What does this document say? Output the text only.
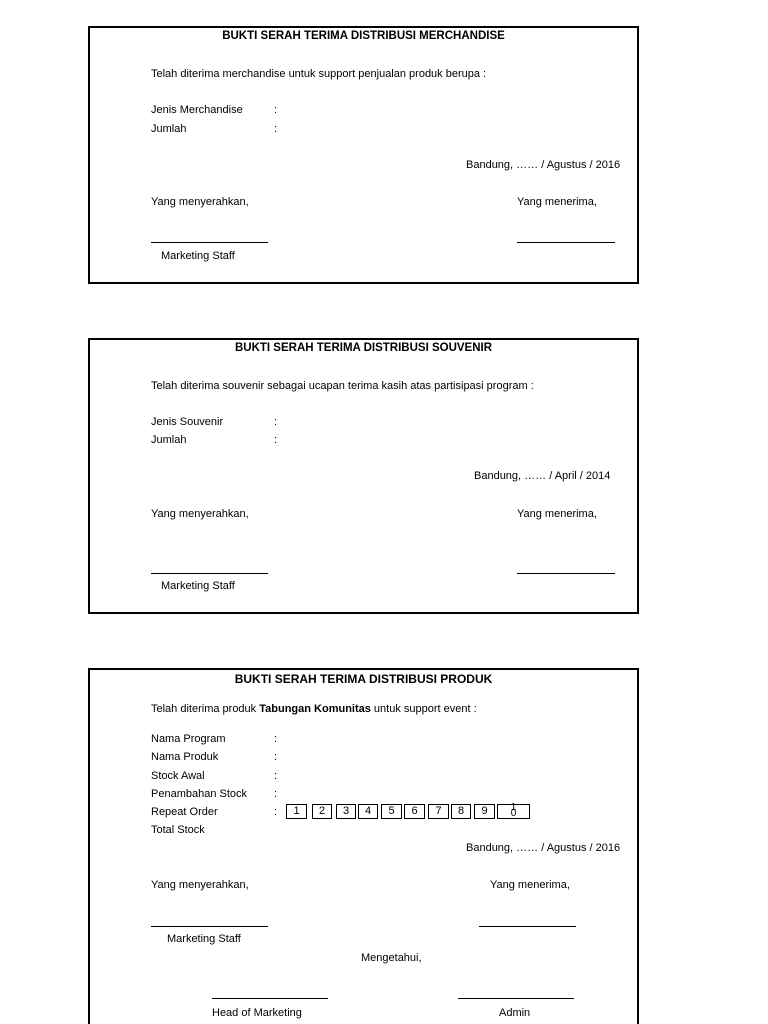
BUKTI SERAH TERIMA DISTRIBUSI MERCHANDISE
Telah diterima merchandise untuk support penjualan produk berupa :
Jenis Merchandise	:
Jumlah	:
Bandung, …… / Agustus / 2016
Yang menyerahkan,	Yang menerima,
Marketing Staff
BUKTI SERAH TERIMA DISTRIBUSI SOUVENIR
Telah diterima souvenir sebagai ucapan terima kasih atas partisipasi program :
Jenis Souvenir	:
Jumlah	:
Bandung, …… / April / 2014
Yang menyerahkan,	Yang menerima,
Marketing Staff
BUKTI SERAH TERIMA DISTRIBUSI PRODUK
Telah diterima produk Tabungan Komunitas untuk support event :
Nama Program	:
Nama Produk	:
Stock Awal	:
Penambahan Stock :
Repeat Order	:	1	2	3	4	5	6	7	8	9	10
Total Stock
Bandung, …… / Agustus / 2016
Yang menyerahkan,	Yang menerima,
Marketing Staff
Mengetahui,
Head of Marketing	Admin
